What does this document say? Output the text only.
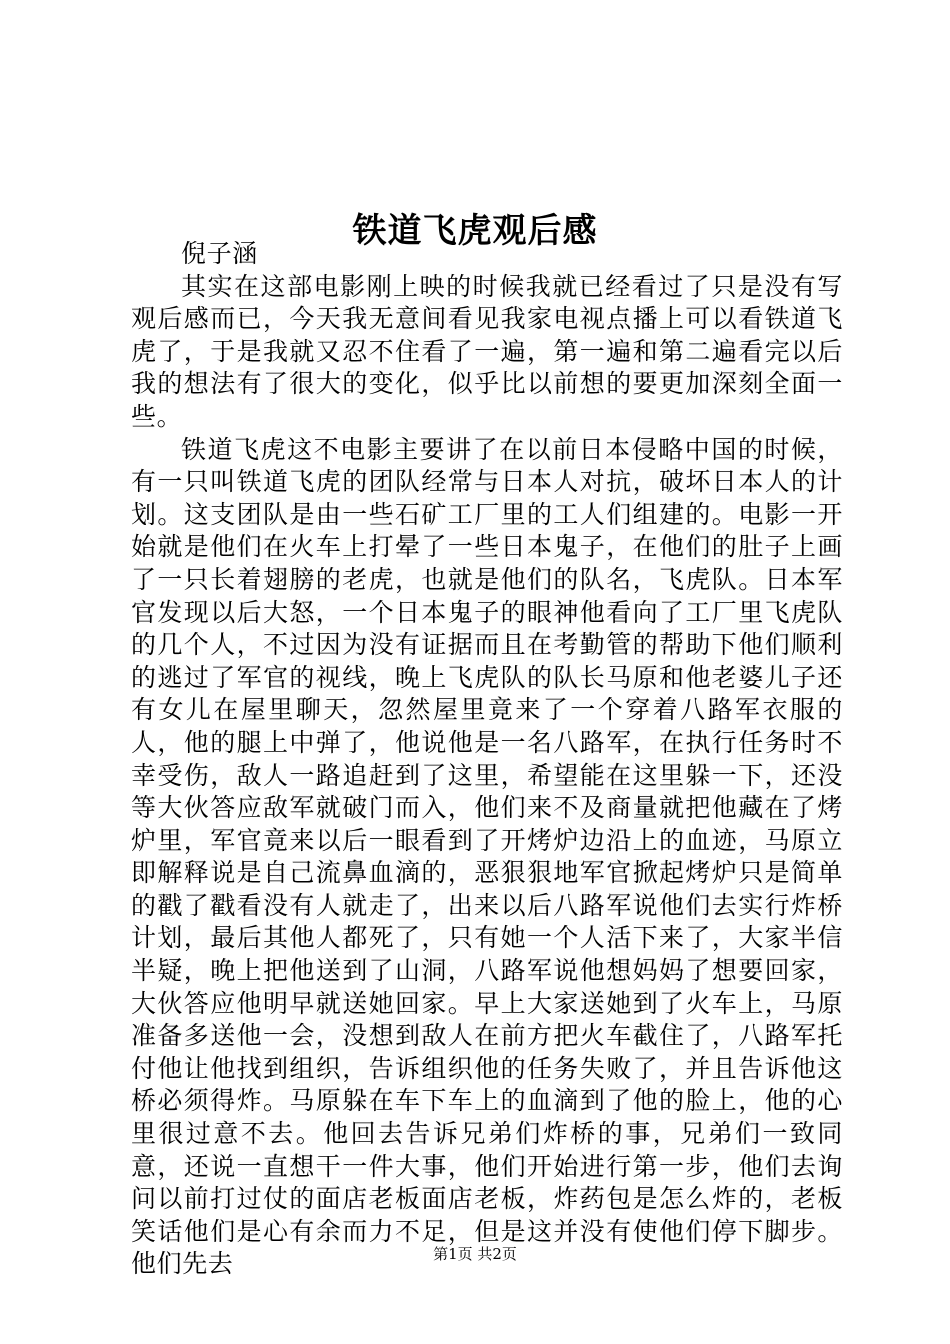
铁道飞虎观后感

倪子涵

其实在这部电影刚上映的时候我就已经看过了只是没有写观后感而已，今天我无意间看见我家电视点播上可以看铁道飞虎了，于是我就又忍不住看了一遍，第一遍和第二遍看完以后我的想法有了很大的变化，似乎比以前想的要更加深刻全面一些。

铁道飞虎这不电影主要讲了在以前日本侵略中国的时候，有一只叫铁道飞虎的团队经常与日本人对抗，破坏日本人的计划。这支团队是由一些石矿工厂里的工人们组建的。电影一开始就是他们在火车上打晕了一些日本鬼子，在他们的肚子上画了一只长着翅膀的老虎，也就是他们的队名，飞虎队。日本军官发现以后大怒，一个日本鬼子的眼神他看向了工厂里飞虎队的几个人，不过因为没有证据而且在考勤管的帮助下他们顺利的逃过了军官的视线，晚上飞虎队的队长马原和他老婆儿子还有女儿在屋里聊天，忽然屋里竟来了一个穿着八路军衣服的人，他的腿上中弹了，他说他是一名八路军，在执行任务时不幸受伤，敌人一路追赶到了这里，希望能在这里躲一下，还没等大伙答应敌军就破门而入，他们来不及商量就把他藏在了烤炉里，军官竟来以后一眼看到了开烤炉边沿上的血迹，马原立即解释说是自己流鼻血滴的，恶狠狠地军官掀起烤炉只是简单的戳了戳看没有人就走了，出来以后八路军说他们去实行炸桥计划，最后其他人都死了，只有她一个人活下来了，大家半信半疑，晚上把他送到了山洞，八路军说他想妈妈了想要回家，大伙答应他明早就送她回家。早上大家送她到了火车上，马原准备多送他一会，没想到敌人在前方把火车截住了，八路军托付他让他找到组织，告诉组织他的任务失败了，并且告诉他这桥必须得炸。马原躲在车下车上的血滴到了他的脸上，他的心里很过意不去。他回去告诉兄弟们炸桥的事，兄弟们一致同意，还说一直想干一件大事，他们开始进行第一步，他们去询问以前打过仗的面店老板面店老板，炸药包是怎么炸的，老板笑话他们是心有余而力不足，但是这并没有使他们停下脚步。他们先去	第1页 共2页
